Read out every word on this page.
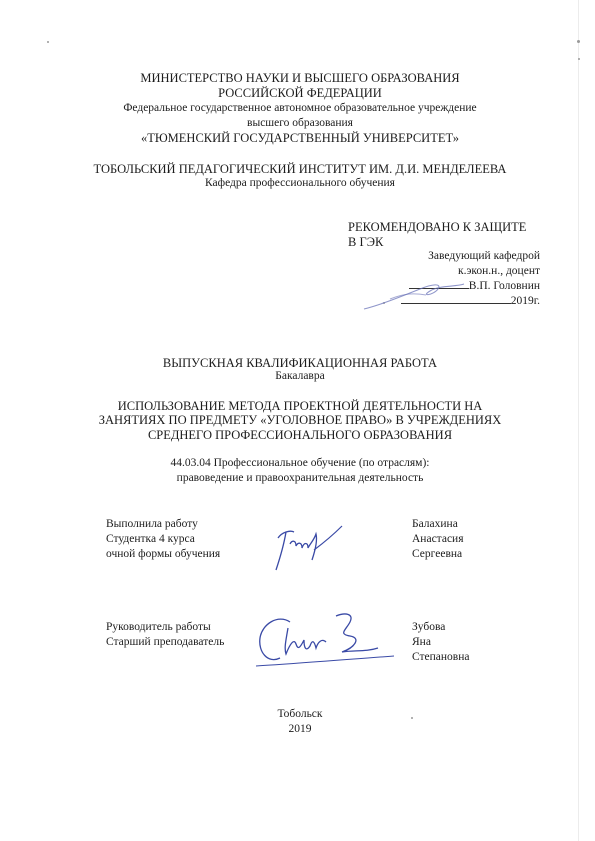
МИНИСТЕРСТВО НАУКИ И ВЫСШЕГО ОБРАЗОВАНИЯ
РОССИЙСКОЙ ФЕДЕРАЦИИ
Федеральное государственное автономное образовательное учреждение
высшего образования
«ТЮМЕНСКИЙ ГОСУДАРСТВЕННЫЙ УНИВЕРСИТЕТ»
ТОБОЛЬСКИЙ ПЕДАГОГИЧЕСКИЙ ИНСТИТУТ ИМ. Д.И. МЕНДЕЛЕЕВА
Кафедра профессионального обучения
РЕКОМЕНДОВАНО К ЗАЩИТЕ
В ГЭК
Заведующий кафедрой
к.экон.н., доцент
В.П. Головнин
2019г.
ВЫПУСКНАЯ КВАЛИФИКАЦИОННАЯ РАБОТА
Бакалавра
ИСПОЛЬЗОВАНИЕ МЕТОДА ПРОЕКТНОЙ ДЕЯТЕЛЬНОСТИ НА
ЗАНЯТИЯХ ПО ПРЕДМЕТУ «УГОЛОВНОЕ ПРАВО» В УЧРЕЖДЕНИЯХ
СРЕДНЕГО ПРОФЕССИОНАЛЬНОГО ОБРАЗОВАНИЯ
44.03.04 Профессиональное обучение (по отраслям):
правоведение и правоохранительная деятельность
Выполнила работу
Студентка 4 курса
очной формы обучения
Балахина
Анастасия
Сергеевна
Руководитель работы
Старший преподаватель
Зубова
Яна
Степановна
Тобольск
2019
